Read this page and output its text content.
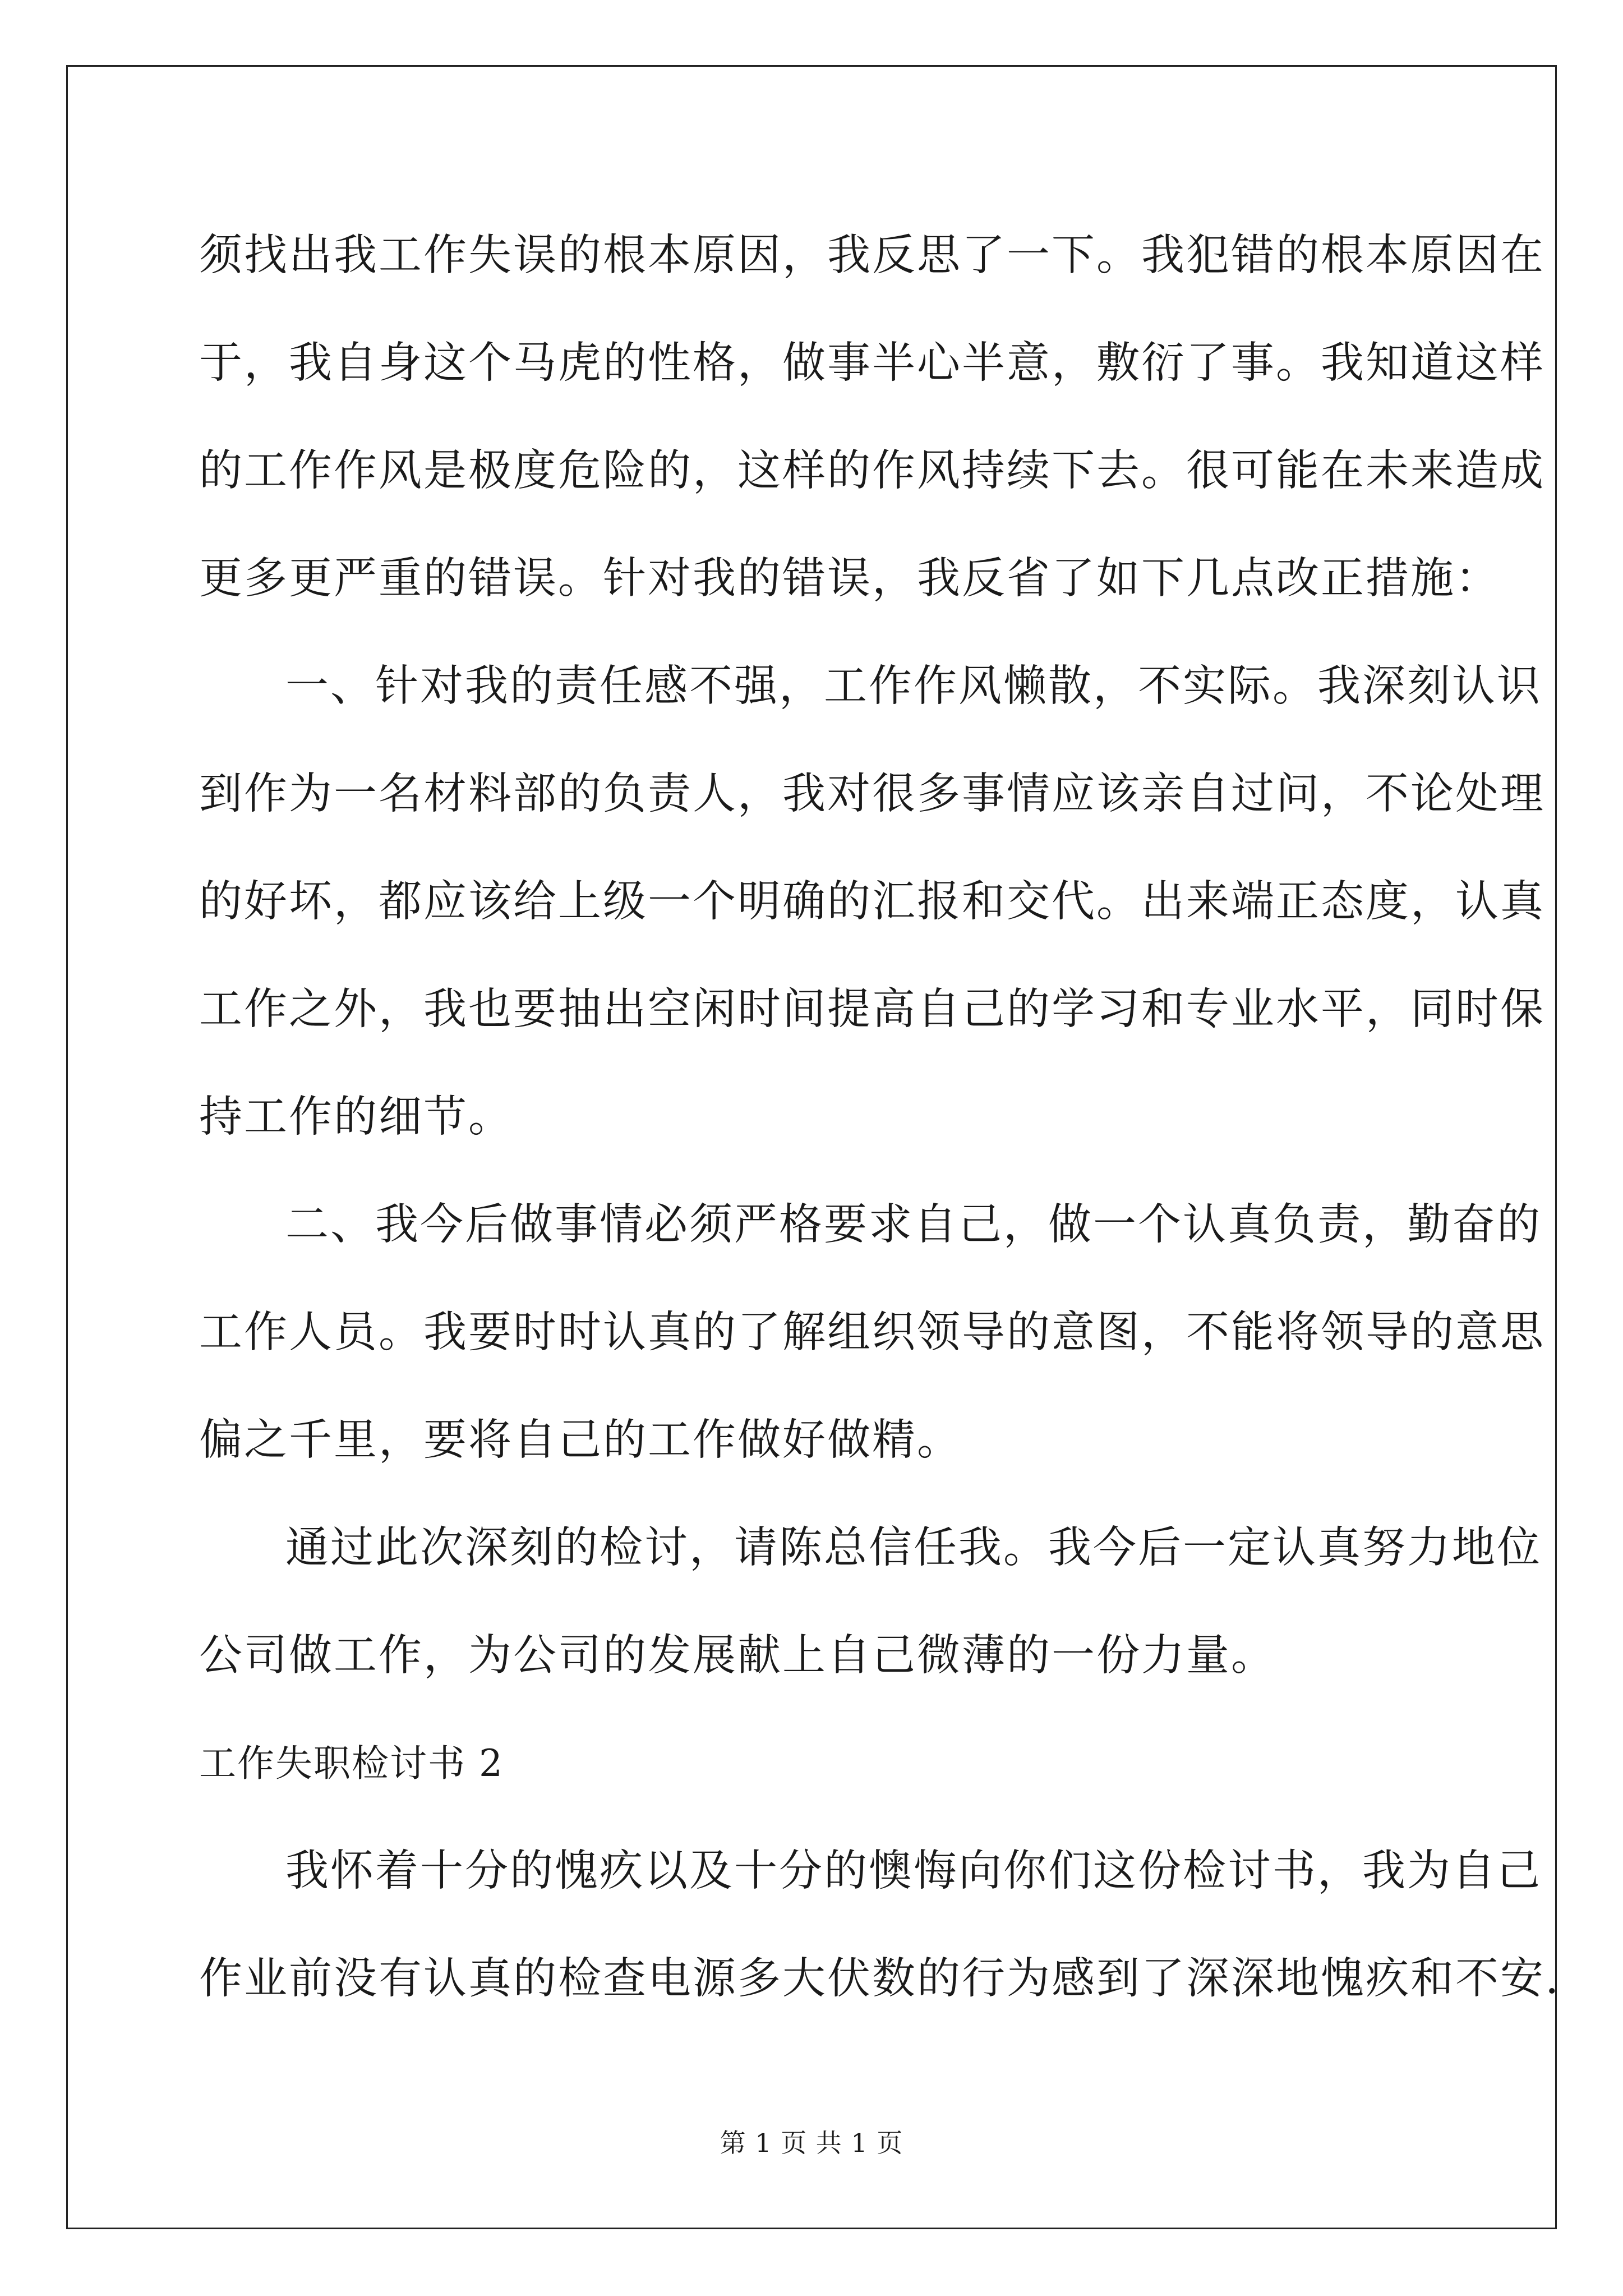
须找出我工作失误的根本原因，我反思了一下。我犯错的根本原因在
于，我自身这个马虎的性格，做事半心半意，敷衍了事。我知道这样
的工作作风是极度危险的，这样的作风持续下去。很可能在未来造成
更多更严重的错误。针对我的错误，我反省了如下几点改正措施：
一、针对我的责任感不强，工作作风懒散，不实际。我深刻认识
到作为一名材料部的负责人，我对很多事情应该亲自过问，不论处理
的好坏，都应该给上级一个明确的汇报和交代。出来端正态度，认真
工作之外，我也要抽出空闲时间提高自己的学习和专业水平，同时保
持工作的细节。
二、我今后做事情必须严格要求自己，做一个认真负责，勤奋的
工作人员。我要时时认真的了解组织领导的意图，不能将领导的意思
偏之千里，要将自己的工作做好做精。
通过此次深刻的检讨，请陈总信任我。我今后一定认真努力地位
公司做工作，为公司的发展献上自己微薄的一份力量。
工作失职检讨书 2
我怀着十分的愧疚以及十分的懊悔向你们这份检讨书，我为自己
作业前没有认真的检查电源多大伏数的行为感到了深深地愧疚和不安.
第 1 页 共 1 页
